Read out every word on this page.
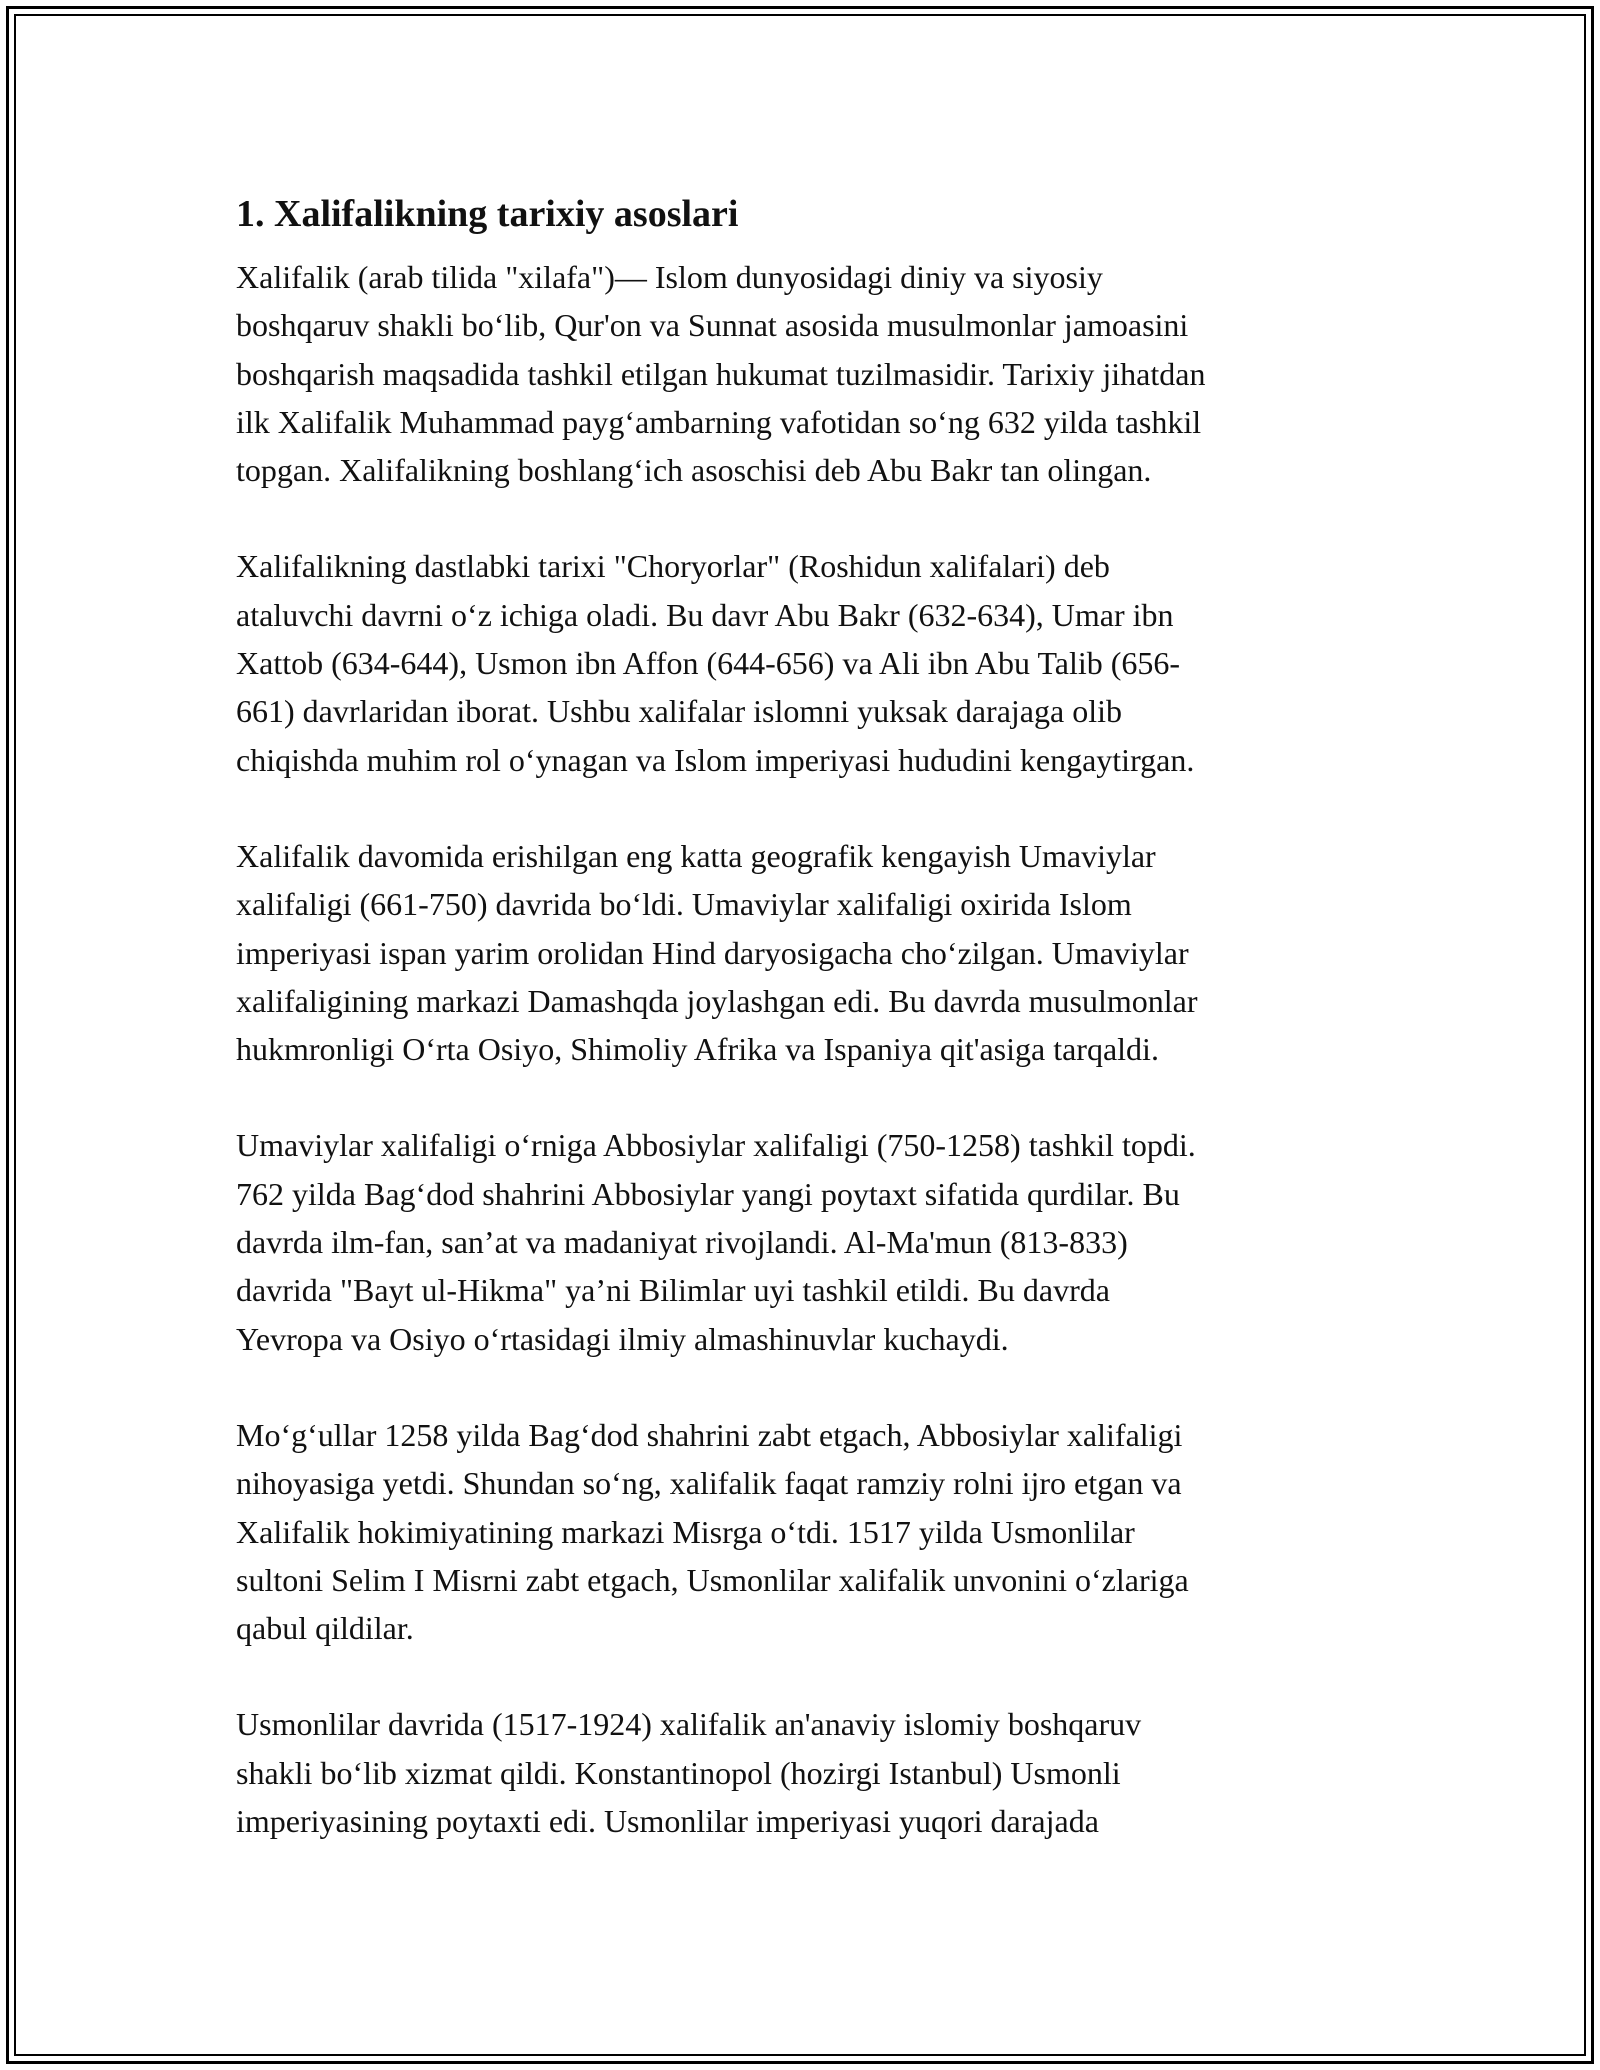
1. Xalifalikning tarixiy asoslari
Xalifalik (arab tilida "xilafa")— Islom dunyosidagi diniy va siyosiy
boshqaruv shakli bo‘lib, Qur'on va Sunnat asosida musulmonlar jamoasini
boshqarish maqsadida tashkil etilgan hukumat tuzilmasidir. Tarixiy jihatdan
ilk Xalifalik Muhammad payg‘ambarning vafotidan so‘ng 632 yilda tashkil
topgan. Xalifalikning boshlang‘ich asoschisi deb Abu Bakr tan olingan.
Xalifalikning dastlabki tarixi "Choryorlar" (Roshidun xalifalari) deb
ataluvchi davrni o‘z ichiga oladi. Bu davr Abu Bakr (632-634), Umar ibn
Xattob (634-644), Usmon ibn Affon (644-656) va Ali ibn Abu Talib (656-
661) davrlaridan iborat. Ushbu xalifalar islomni yuksak darajaga olib
chiqishda muhim rol o‘ynagan va Islom imperiyasi hududini kengaytirgan.
Xalifalik davomida erishilgan eng katta geografik kengayish Umaviylar
xalifaligi (661-750) davrida bo‘ldi. Umaviylar xalifaligi oxirida Islom
imperiyasi ispan yarim orolidan Hind daryosigacha cho‘zilgan. Umaviylar
xalifaligining markazi Damashqda joylashgan edi. Bu davrda musulmonlar
hukmronligi O‘rta Osiyo, Shimoliy Afrika va Ispaniya qit'asiga tarqaldi.
Umaviylar xalifaligi o‘rniga Abbosiylar xalifaligi (750-1258) tashkil topdi.
762 yilda Bag‘dod shahrini Abbosiylar yangi poytaxt sifatida qurdilar. Bu
davrda ilm-fan, san’at va madaniyat rivojlandi. Al-Ma'mun (813-833)
davrida "Bayt ul-Hikma" ya’ni Bilimlar uyi tashkil etildi. Bu davrda
Yevropa va Osiyo o‘rtasidagi ilmiy almashinuvlar kuchaydi.
Mo‘g‘ullar 1258 yilda Bag‘dod shahrini zabt etgach, Abbosiylar xalifaligi
nihoyasiga yetdi. Shundan so‘ng, xalifalik faqat ramziy rolni ijro etgan va
Xalifalik hokimiyatining markazi Misrga o‘tdi. 1517 yilda Usmonlilar
sultoni Selim I Misrni zabt etgach, Usmonlilar xalifalik unvonini o‘zlariga
qabul qildilar.
Usmonlilar davrida (1517-1924) xalifalik an'anaviy islomiy boshqaruv
shakli bo‘lib xizmat qildi. Konstantinopol (hozirgi Istanbul) Usmonli
imperiyasining poytaxti edi. Usmonlilar imperiyasi yuqori darajada
